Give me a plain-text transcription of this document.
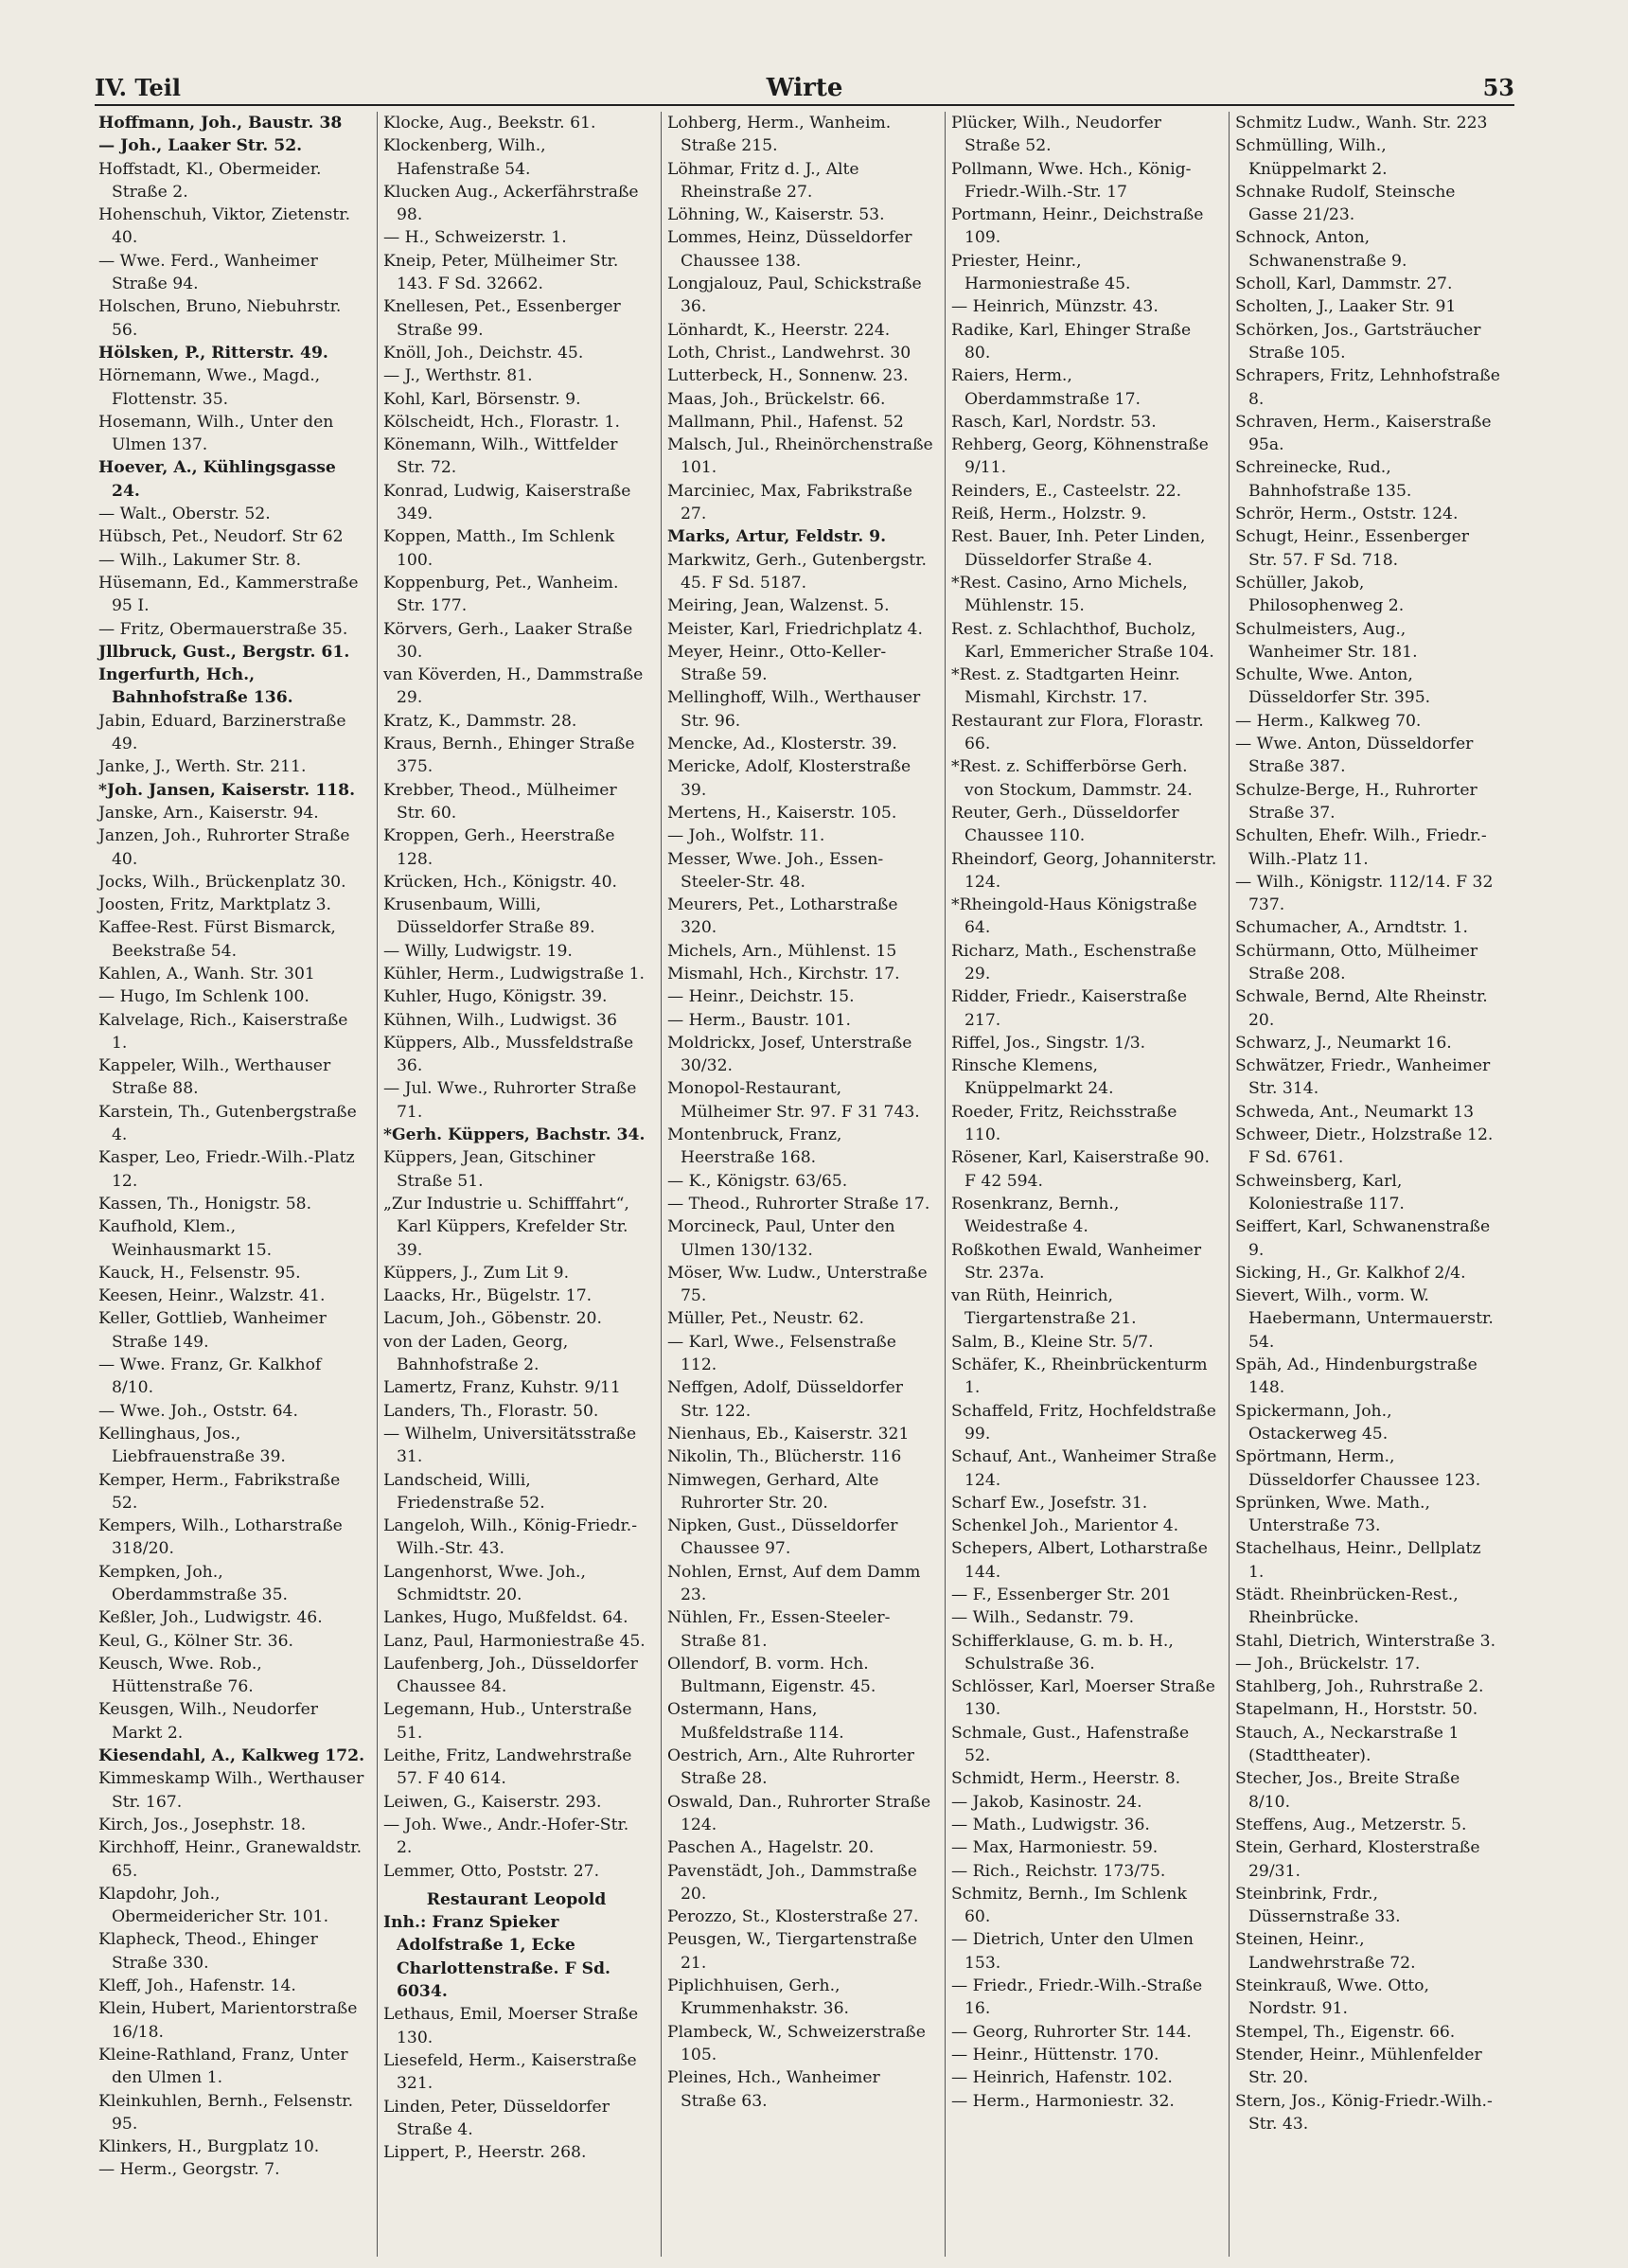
IV. Teil	Wirte	53

Hoffmann, Joh., Baustr. 38

— Joh., Laaker Str. 52.

Hoffstadt, Kl., Obermeider. Straße 2.

Hohenschuh, Viktor, Zietenstr. 40.

— Wwe. Ferd., Wanheimer Straße 94.

Holschen, Bruno, Niebuhrstr. 56.

Hölsken, P., Ritterstr. 49.

Hörnemann, Wwe., Magd., Flottenstr. 35.

Hosemann, Wilh., Unter den Ulmen 137.

Hoever, A., Kühlingsgasse 24.

— Walt., Oberstr. 52.

Hübsch, Pet., Neudorf. Str 62

— Wilh., Lakumer Str. 8.

Hüsemann, Ed., Kammerstraße 95 I.

— Fritz, Obermauerstraße 35.

Jllbruck, Gust., Bergstr. 61.

Ingerfurth, Hch., Bahnhofstraße 136.

Jabin, Eduard, Barzinerstraße 49.

Janke, J., Werth. Str. 211.

*Joh. Jansen, Kaiserstr. 118.

Janske, Arn., Kaiserstr. 94.

Janzen, Joh., Ruhrorter Straße 40.

Jocks, Wilh., Brückenplatz 30.

Joosten, Fritz, Marktplatz 3.

Kaffee-Rest. Fürst Bismarck, Beekstraße 54.

Kahlen, A., Wanh. Str. 301

— Hugo, Im Schlenk 100.

Kalvelage, Rich., Kaiserstraße 1.

Kappeler, Wilh., Werthauser Straße 88.

Karstein, Th., Gutenbergstraße 4.

Kasper, Leo, Friedr.-Wilh.-Platz 12.

Kassen, Th., Honigstr. 58.

Kaufhold, Klem., Weinhausmarkt 15.

Kauck, H., Felsenstr. 95.

Keesen, Heinr., Walzstr. 41.

Keller, Gottlieb, Wanheimer Straße 149.

— Wwe. Franz, Gr. Kalkhof 8/10.

— Wwe. Joh., Oststr. 64.

Kellinghaus, Jos., Liebfrauenstraße 39.

Kemper, Herm., Fabrikstraße 52.

Kempers, Wilh., Lotharstraße 318/20.

Kempken, Joh., Oberdammstraße 35.

Keßler, Joh., Ludwigstr. 46.

Keul, G., Kölner Str. 36.

Keusch, Wwe. Rob., Hüttenstraße 76.

Keusgen, Wilh., Neudorfer Markt 2.

Kiesendahl, A., Kalkweg 172.

Kimmeskamp Wilh., Werthauser Str. 167.

Kirch, Jos., Josephstr. 18.

Kirchhoff, Heinr., Granewaldstr. 65.

Klapdohr, Joh., Obermeidericher Str. 101.

Klapheck, Theod., Ehinger Straße 330.

Kleff, Joh., Hafenstr. 14.

Klein, Hubert, Marientorstraße 16/18.

Kleine-Rathland, Franz, Unter den Ulmen 1.

Kleinkuhlen, Bernh., Felsenstr. 95.

Klinkers, H., Burgplatz 10.

— Herm., Georgstr. 7.

Klocke, Aug., Beekstr. 61.

Klockenberg, Wilh., Hafenstraße 54.

Klucken Aug., Ackerfährstraße 98.

— H., Schweizerstr. 1.

Kneip, Peter, Mülheimer Str. 143. F Sd. 32662.

Knellesen, Pet., Essenberger Straße 99.

Knöll, Joh., Deichstr. 45.

— J., Werthstr. 81.

Kohl, Karl, Börsenstr. 9.

Kölscheidt, Hch., Florastr. 1.

Könemann, Wilh., Wittfelder Str. 72.

Konrad, Ludwig, Kaiserstraße 349.

Koppen, Matth., Im Schlenk 100.

Koppenburg, Pet., Wanheim. Str. 177.

Körvers, Gerh., Laaker Straße 30.

van Köverden, H., Dammstraße 29.

Kratz, K., Dammstr. 28.

Kraus, Bernh., Ehinger Straße 375.

Krebber, Theod., Mülheimer Str. 60.

Kroppen, Gerh., Heerstraße 128.

Krücken, Hch., Königstr. 40.

Krusenbaum, Willi, Düsseldorfer Straße 89.

— Willy, Ludwigstr. 19.

Kühler, Herm., Ludwigstraße 1.

Kuhler, Hugo, Königstr. 39.

Kühnen, Wilh., Ludwigst. 36

Küppers, Alb., Mussfeldstraße 36.

— Jul. Wwe., Ruhrorter Straße 71.

*Gerh. Küppers, Bachstr. 34.

Küppers, Jean, Gitschiner Straße 51.

„Zur Industrie u. Schifffahrt“, Karl Küppers, Krefelder Str. 39.

Küppers, J., Zum Lit 9.

Laacks, Hr., Bügelstr. 17.

Lacum, Joh., Göbenstr. 20.

von der Laden, Georg, Bahnhofstraße 2.

Lamertz, Franz, Kuhstr. 9/11

Landers, Th., Florastr. 50.

— Wilhelm, Universitätsstraße 31.

Landscheid, Willi, Friedenstraße 52.

Langeloh, Wilh., König-Friedr.-Wilh.-Str. 43.

Langenhorst, Wwe. Joh., Schmidtstr. 20.

Lankes, Hugo, Mußfeldst. 64.

Lanz, Paul, Harmoniestraße 45.

Laufenberg, Joh., Düsseldorfer Chaussee 84.

Legemann, Hub., Unterstraße 51.

Leithe, Fritz, Landwehrstraße 57. F 40 614.

Leiwen, G., Kaiserstr. 293.

— Joh. Wwe., Andr.-Hofer-Str. 2.

Lemmer, Otto, Poststr. 27.

Restaurant Leopold

Inh.: Franz Spieker Adolfstraße 1, Ecke Charlottenstraße. F Sd. 6034.

Lethaus, Emil, Moerser Straße 130.

Liesefeld, Herm., Kaiserstraße 321.

Linden, Peter, Düsseldorfer Straße 4.

Lippert, P., Heerstr. 268.

Lohberg, Herm., Wanheim. Straße 215.

Löhmar, Fritz d. J., Alte Rheinstraße 27.

Löhning, W., Kaiserstr. 53.

Lommes, Heinz, Düsseldorfer Chaussee 138.

Longjalouz, Paul, Schickstraße 36.

Lönhardt, K., Heerstr. 224.

Loth, Christ., Landwehrst. 30

Lutterbeck, H., Sonnenw. 23.

Maas, Joh., Brückelstr. 66.

Mallmann, Phil., Hafenst. 52

Malsch, Jul., Rheinörchenstraße 101.

Marciniec, Max, Fabrikstraße 27.

Marks, Artur, Feldstr. 9.

Markwitz, Gerh., Gutenbergstr. 45. F Sd. 5187.

Meiring, Jean, Walzenst. 5.

Meister, Karl, Friedrichplatz 4.

Meyer, Heinr., Otto-Keller-Straße 59.

Mellinghoff, Wilh., Werthauser Str. 96.

Mencke, Ad., Klosterstr. 39.

Mericke, Adolf, Klosterstraße 39.

Mertens, H., Kaiserstr. 105.

— Joh., Wolfstr. 11.

Messer, Wwe. Joh., Essen-Steeler-Str. 48.

Meurers, Pet., Lotharstraße 320.

Michels, Arn., Mühlenst. 15

Mismahl, Hch., Kirchstr. 17.

— Heinr., Deichstr. 15.

— Herm., Baustr. 101.

Moldrickx, Josef, Unterstraße 30/32.

Monopol-Restaurant, Mülheimer Str. 97. F 31 743.

Montenbruck, Franz, Heerstraße 168.

— K., Königstr. 63/65.

— Theod., Ruhrorter Straße 17.

Morcineck, Paul, Unter den Ulmen 130/132.

Möser, Ww. Ludw., Unterstraße 75.

Müller, Pet., Neustr. 62.

— Karl, Wwe., Felsenstraße 112.

Neffgen, Adolf, Düsseldorfer Str. 122.

Nienhaus, Eb., Kaiserstr. 321

Nikolin, Th., Blücherstr. 116

Nimwegen, Gerhard, Alte Ruhrorter Str. 20.

Nipken, Gust., Düsseldorfer Chaussee 97.

Nohlen, Ernst, Auf dem Damm 23.

Nühlen, Fr., Essen-Steeler-Straße 81.

Ollendorf, B. vorm. Hch. Bultmann, Eigenstr. 45.

Ostermann, Hans, Mußfeldstraße 114.

Oestrich, Arn., Alte Ruhrorter Straße 28.

Oswald, Dan., Ruhrorter Straße 124.

Paschen A., Hagelstr. 20.

Pavenstädt, Joh., Dammstraße 20.

Perozzo, St., Klosterstraße 27.

Peusgen, W., Tiergartenstraße 21.

Piplichhuisen, Gerh., Krummenhakstr. 36.

Plambeck, W., Schweizerstraße 105.

Pleines, Hch., Wanheimer Straße 63.

Plücker, Wilh., Neudorfer Straße 52.

Pollmann, Wwe. Hch., König-Friedr.-Wilh.-Str. 17

Portmann, Heinr., Deichstraße 109.

Priester, Heinr., Harmoniestraße 45.

— Heinrich, Münzstr. 43.

Radike, Karl, Ehinger Straße 80.

Raiers, Herm., Oberdammstraße 17.

Rasch, Karl, Nordstr. 53.

Rehberg, Georg, Köhnenstraße 9/11.

Reinders, E., Casteelstr. 22.

Reiß, Herm., Holzstr. 9.

Rest. Bauer, Inh. Peter Linden, Düsseldorfer Straße 4.

*Rest. Casino, Arno Michels, Mühlenstr. 15.

Rest. z. Schlachthof, Bucholz, Karl, Emmericher Straße 104.

*Rest. z. Stadtgarten Heinr. Mismahl, Kirchstr. 17.

Restaurant zur Flora, Florastr. 66.

*Rest. z. Schifferbörse Gerh. von Stockum, Dammstr. 24.

Reuter, Gerh., Düsseldorfer Chaussee 110.

Rheindorf, Georg, Johanniterstr. 124.

*Rheingold-Haus Königstraße 64.

Richarz, Math., Eschenstraße 29.

Ridder, Friedr., Kaiserstraße 217.

Riffel, Jos., Singstr. 1/3.

Rinsche Klemens, Knüppelmarkt 24.

Roeder, Fritz, Reichsstraße 110.

Rösener, Karl, Kaiserstraße 90. F 42 594.

Rosenkranz, Bernh., Weidestraße 4.

Roßkothen Ewald, Wanheimer Str. 237a.

van Rüth, Heinrich, Tiergartenstraße 21.

Salm, B., Kleine Str. 5/7.

Schäfer, K., Rheinbrückenturm 1.

Schaffeld, Fritz, Hochfeldstraße 99.

Schauf, Ant., Wanheimer Straße 124.

Scharf Ew., Josefstr. 31.

Schenkel Joh., Marientor 4.

Schepers, Albert, Lotharstraße 144.

— F., Essenberger Str. 201

— Wilh., Sedanstr. 79.

Schifferklause, G. m. b. H., Schulstraße 36.

Schlösser, Karl, Moerser Straße 130.

Schmale, Gust., Hafenstraße 52.

Schmidt, Herm., Heerstr. 8.

— Jakob, Kasinostr. 24.

— Math., Ludwigstr. 36.

— Max, Harmoniestr. 59.

— Rich., Reichstr. 173/75.

Schmitz, Bernh., Im Schlenk 60.

— Dietrich, Unter den Ulmen 153.

— Friedr., Friedr.-Wilh.-Straße 16.

— Georg, Ruhrorter Str. 144.

— Heinr., Hüttenstr. 170.

— Heinrich, Hafenstr. 102.

— Herm., Harmoniestr. 32.

Schmitz Ludw., Wanh. Str. 223

Schmülling, Wilh., Knüppelmarkt 2.

Schnake Rudolf, Steinsche Gasse 21/23.

Schnock, Anton, Schwanenstraße 9.

Scholl, Karl, Dammstr. 27.

Scholten, J., Laaker Str. 91

Schörken, Jos., Gartsträucher Straße 105.

Schrapers, Fritz, Lehnhofstraße 8.

Schraven, Herm., Kaiserstraße 95a.

Schreinecke, Rud., Bahnhofstraße 135.

Schrör, Herm., Oststr. 124.

Schugt, Heinr., Essenberger Str. 57. F Sd. 718.

Schüller, Jakob, Philosophenweg 2.

Schulmeisters, Aug., Wanheimer Str. 181.

Schulte, Wwe. Anton, Düsseldorfer Str. 395.

— Herm., Kalkweg 70.

— Wwe. Anton, Düsseldorfer Straße 387.

Schulze-Berge, H., Ruhrorter Straße 37.

Schulten, Ehefr. Wilh., Friedr.-Wilh.-Platz 11.

— Wilh., Königstr. 112/14. F 32 737.

Schumacher, A., Arndtstr. 1.

Schürmann, Otto, Mülheimer Straße 208.

Schwale, Bernd, Alte Rheinstr. 20.

Schwarz, J., Neumarkt 16.

Schwätzer, Friedr., Wanheimer Str. 314.

Schweda, Ant., Neumarkt 13

Schweer, Dietr., Holzstraße 12. F Sd. 6761.

Schweinsberg, Karl, Koloniestraße 117.

Seiffert, Karl, Schwanenstraße 9.

Sicking, H., Gr. Kalkhof 2/4.

Sievert, Wilh., vorm. W. Haebermann, Untermauerstr. 54.

Späh, Ad., Hindenburgstraße 148.

Spickermann, Joh., Ostackerweg 45.

Spörtmann, Herm., Düsseldorfer Chaussee 123.

Sprünken, Wwe. Math., Unterstraße 73.

Stachelhaus, Heinr., Dellplatz 1.

Städt. Rheinbrücken-Rest., Rheinbrücke.

Stahl, Dietrich, Winterstraße 3.

— Joh., Brückelstr. 17.

Stahlberg, Joh., Ruhrstraße 2.

Stapelmann, H., Horststr. 50.

Stauch, A., Neckarstraße 1 (Stadttheater).

Stecher, Jos., Breite Straße 8/10.

Steffens, Aug., Metzerstr. 5.

Stein, Gerhard, Klosterstraße 29/31.

Steinbrink, Frdr., Düssernstraße 33.

Steinen, Heinr., Landwehrstraße 72.

Steinkrauß, Wwe. Otto, Nordstr. 91.

Stempel, Th., Eigenstr. 66.

Stender, Heinr., Mühlenfelder Str. 20.

Stern, Jos., König-Friedr.-Wilh.-Str. 43.
